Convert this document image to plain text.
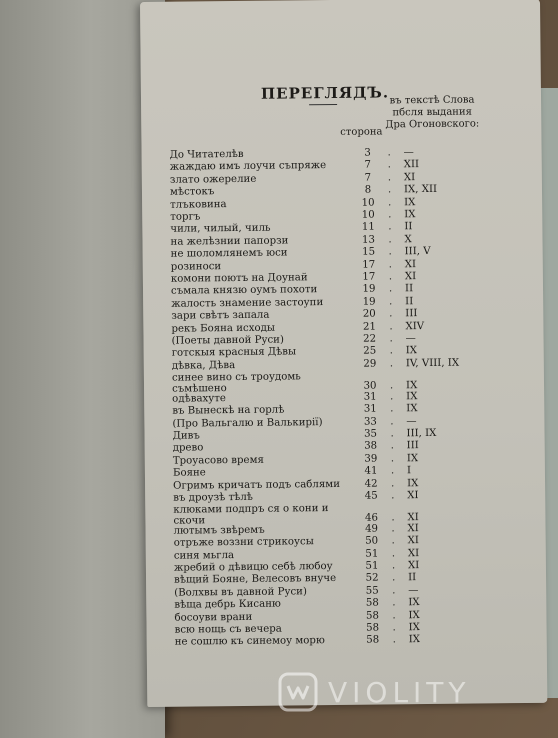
ПЕРЕГЛЯДЪ.
сторона
въ текстѣ Слова
пбсля выдания
Дра Огоновского:
До Читателѣв	3	. —
жаждаю имъ лоучи съпряже	7	. XII
злато ожерелие	7	. XI
мѣстокъ	8	. IX, XII
тлъковина	10	. IX
торгъ	10	. IX
чили, чилый, чиль	11	. II
на желѣзнии папорзи	13	. X
не шоломлянемъ юси	15	. III, V
розиноси	17	. XI
комони поютъ на Доунай	17	. XI
съмала князю оумъ похоти	19	. II
жалость знамение застоупи	19	. II
зари свѣтъ запала	20	. III
рекъ Бояна исходы	21	. XIV
(Поеты давной Руси)	22	. —
готскыя красныя Дѣвы	25	. IX
дѣвка, Дѣва	29	. IV, VIII, IX
синее вино съ троудомь съмѣшено	30	. IX
одѣвахуте	31	. IX
въ Вынескѣ на горлѣ	31	. IX
(Про Вальгалю и Валькирії)	33	. —
Дивъ	35	. III, IX
древо	38	. III
Троуасово время	39	. IX
Бояне	41	. I
Огримъ кричатъ подъ саблями	42	. IX
въ дроузѣ тѣлѣ	45	. XI
клюками подпръ ся о кони и скочи	46	. XI
лютымъ звѣремъ	49	. XI
отръже воззни стрикоусы	50	. XI
синя мьгла	51	. XI
жребий о дѣвицю себѣ любоу	51	. XI
вѣщий Бояне, Велесовъ внучe	52	. II
(Волхвы въ давной Руси)	55	. —
вѣща дебрь Кисаню	58	. IX
босоуви врани	58	. IX
всю нощь съ вечера	58	. IX
не сошлю къ синемоу морю	58	. IX
VIOLITY
